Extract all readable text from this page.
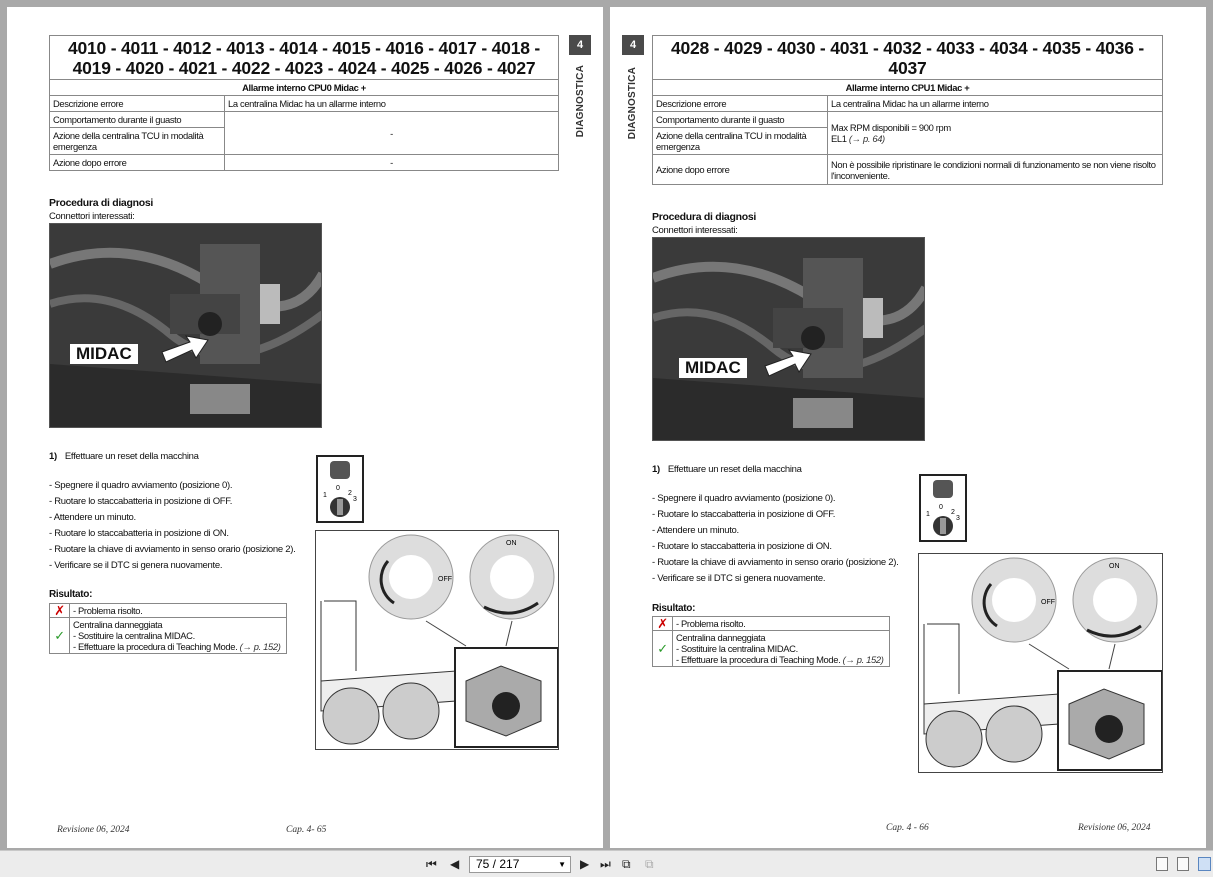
4010 - 4011 - 4012 - 4013 - 4014 - 4015 - 4016 - 4017 - 4018 - 4019 - 4020 - 4021 - 4022 - 4023 - 4024 - 4025 - 4026 - 4027
Allarme interno CPU0 Midac +	
Descrizione errore	La centralina Midac ha un allarme interno
Comportamento durante il guasto	-
Azione della centralina TCU in modalità emergenza	
Azione dopo errore	-
4
DIAGNOSTICA
Procedura di diagnosi
Connettori interessati:
MIDAC
1) Effettuare un reset della macchina
- Spegnere il quadro avviamento (posizione 0).
- Ruotare lo staccabatteria in posizione di OFF.
- Attendere un minuto.
- Ruotare lo staccabatteria in posizione di ON.
- Ruotare la chiave di avviamento in senso orario (posizione 2).
- Verificare se il DTC si genera nuovamente.
Risultato:
✗	- Problema risolto.
✓	Centralina danneggiata
- Sostituire la centralina MIDAC.
- Effettuare la procedura di Teaching Mode. (→ p. 152)
1
0
2
3
OFF
ON
Revisione 06, 2024	Cap. 4- 65
4
DIAGNOSTICA
4028 - 4029 - 4030 - 4031 - 4032 - 4033 - 4034 - 4035 - 4036 - 4037
Allarme interno CPU1 Midac +	
Descrizione errore	La centralina Midac ha un allarme interno
Comportamento durante il guasto	Max RPM disponibili = 900 rpm
EL1 (→ p. 64)

Azione della centralina TCU in modalità emergenza	
Azione dopo errore	Non è possibile ripristinare le condizioni normali di funzionamento se non viene risolto l'inconveniente.
Procedura di diagnosi
Connettori interessati:
MIDAC
1) Effettuare un reset della macchina
- Spegnere il quadro avviamento (posizione 0).
- Ruotare lo staccabatteria in posizione di OFF.
- Attendere un minuto.
- Ruotare lo staccabatteria in posizione di ON.
- Ruotare la chiave di avviamento in senso orario (posizione 2).
- Verificare se il DTC si genera nuovamente.
Risultato:
✗	- Problema risolto.
✓	Centralina danneggiata
- Sostituire la centralina MIDAC.
- Effettuare la procedura di Teaching Mode. (→ p. 152)
1
0
2
3
OFF
ON
Cap. 4 - 66	Revisione 06, 2024
⏮ ◀	75 / 217	▼ ▶ ⏭ ⧉ ⧉
